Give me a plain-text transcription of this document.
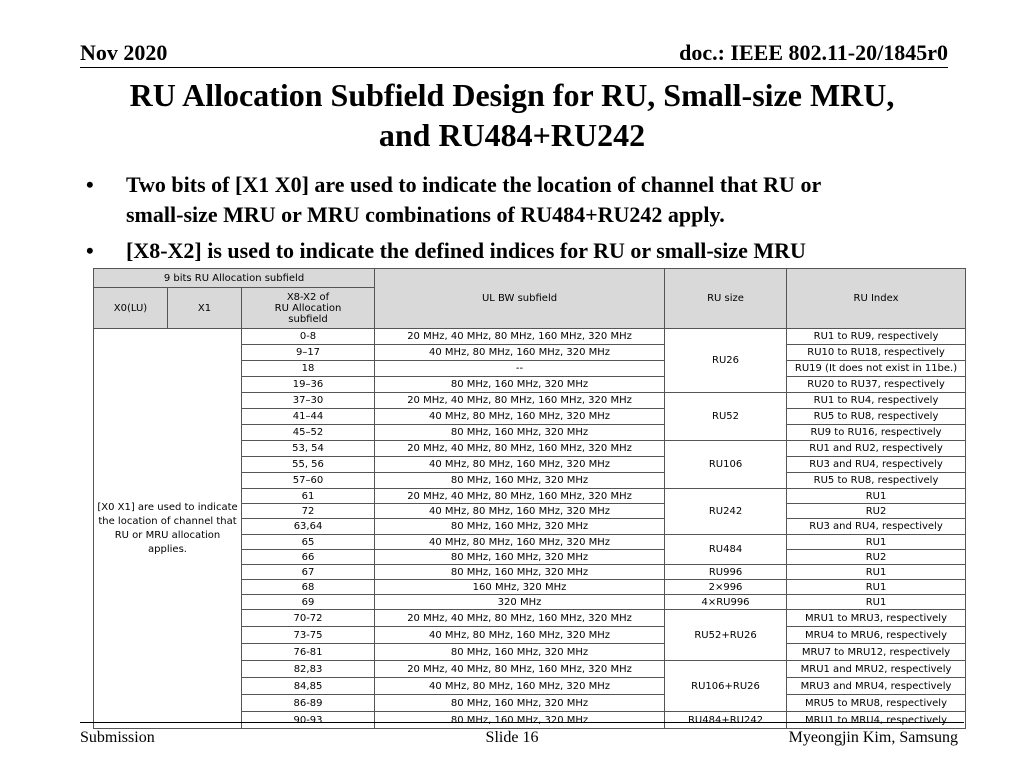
Nov 2020	doc.: IEEE 802.11-20/1845r0
RU Allocation Subfield Design for RU, Small-size MRU,
and RU484+RU242
• Two bits of [X1 X0] are used to indicate the location of channel that RU or
small-size MRU or MRU combinations of RU484+RU242 apply.
• [X8-X2] is used to indicate the defined indices for RU or small-size MRU
9 bits RU Allocation subfield			UL BW subfield	RU size	RU Index
X0(LU)	X1	X8-X2 of
RU Allocation
subfield			

[X0 X1] are used to indicate the location of channel that RU or MRU allocation applies.		0-8	20 MHz, 40 MHz, 80 MHz, 160 MHz, 320 MHz	RU26	RU1 to RU9, respectively
		9–17	40 MHz, 80 MHz, 160 MHz, 320 MHz		RU10 to RU18, respectively
		18	--		RU19 (It does not exist in 11be.)
		19–36	80 MHz, 160 MHz, 320 MHz		RU20 to RU37, respectively
		37–30	20 MHz, 40 MHz, 80 MHz, 160 MHz, 320 MHz	RU52	RU1 to RU4, respectively
		41–44	40 MHz, 80 MHz, 160 MHz, 320 MHz		RU5 to RU8, respectively
		45–52	80 MHz, 160 MHz, 320 MHz		RU9 to RU16, respectively
		53, 54	20 MHz, 40 MHz, 80 MHz, 160 MHz, 320 MHz	RU106	RU1 and RU2, respectively
		55, 56	40 MHz, 80 MHz, 160 MHz, 320 MHz		RU3 and RU4, respectively
		57–60	80 MHz, 160 MHz, 320 MHz		RU5 to RU8, respectively
		61	20 MHz, 40 MHz, 80 MHz, 160 MHz, 320 MHz	RU242	RU1
		72	40 MHz, 80 MHz, 160 MHz, 320 MHz		RU2
		63,64	80 MHz, 160 MHz, 320 MHz		RU3 and RU4, respectively
		65	40 MHz, 80 MHz, 160 MHz, 320 MHz	RU484	RU1
		66	80 MHz, 160 MHz, 320 MHz		RU2
		67	80 MHz, 160 MHz, 320 MHz	RU996	RU1
		68	160 MHz, 320 MHz	2×996	RU1
		69	320 MHz	4×RU996	RU1
		70-72	20 MHz, 40 MHz, 80 MHz, 160 MHz, 320 MHz	RU52+RU26	MRU1 to MRU3, respectively
		73-75	40 MHz, 80 MHz, 160 MHz, 320 MHz		MRU4 to MRU6, respectively
		76-81	80 MHz, 160 MHz, 320 MHz		MRU7 to MRU12, respectively
		82,83	20 MHz, 40 MHz, 80 MHz, 160 MHz, 320 MHz	RU106+RU26	MRU1 and MRU2, respectively
		84,85	40 MHz, 80 MHz, 160 MHz, 320 MHz		MRU3 and MRU4, respectively
		86-89	80 MHz, 160 MHz, 320 MHz		MRU5 to MRU8, respectively
		90-93	80 MHz, 160 MHz, 320 MHz	RU484+RU242	MRU1 to MRU4, respectively
Submission	Slide 16	Myeongjin Kim, Samsung
